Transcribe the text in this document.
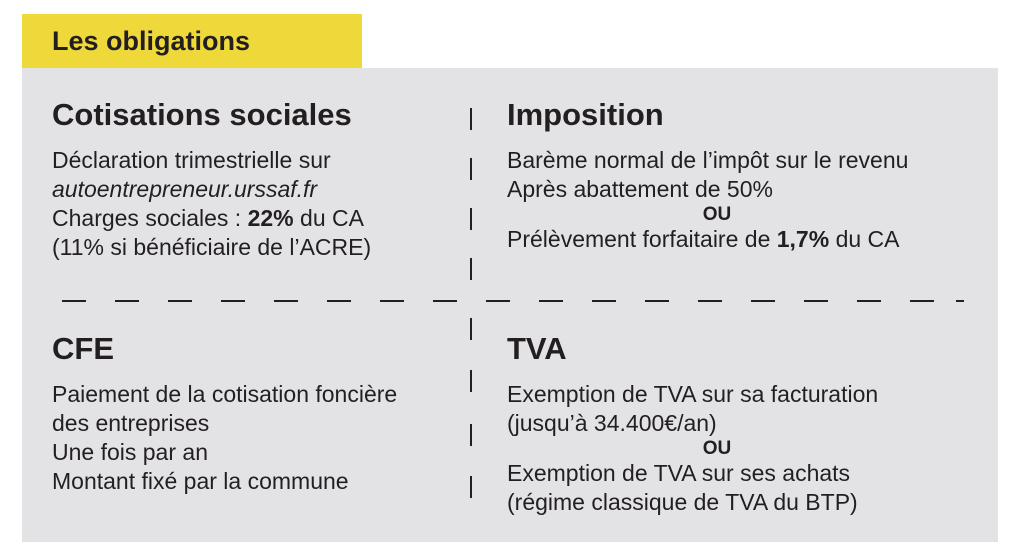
Les obligations
Cotisations sociales
Déclaration trimestrielle sur
autoentrepreneur.urssaf.fr
Charges sociales : 22% du CA
(11% si bénéficiaire de l’ACRE)
Imposition
Barème normal de l’impôt sur le revenu
Après abattement de 50%
OU
Prélèvement forfaitaire de 1,7% du CA
CFE
Paiement de la cotisation foncière
des entreprises
Une fois par an
Montant fixé par la commune
TVA
Exemption de TVA sur sa facturation
(jusqu’à 34.400€/an)
OU
Exemption de TVA sur ses achats
(régime classique de TVA du BTP)
